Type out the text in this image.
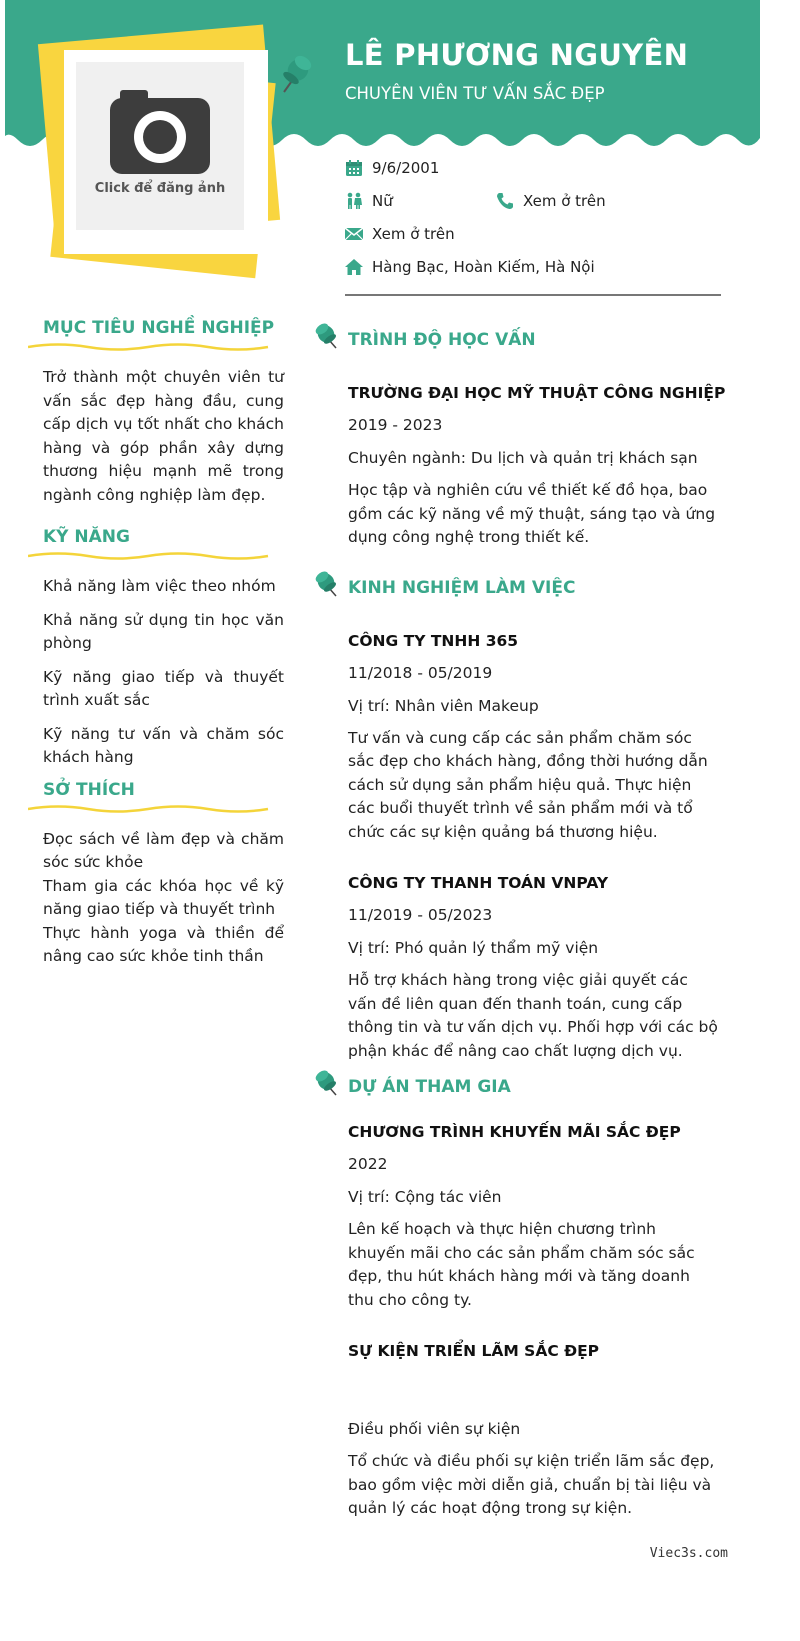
Click để đăng ảnh
LÊ PHƯƠNG NGUYÊN
CHUYÊN VIÊN TƯ VẤN SẮC ĐẸP
9/6/2001
Nữ	Xem ở trên
Xem ở trên
Hàng Bạc, Hoàn Kiếm, Hà Nội
MỤC TIÊU NGHỀ NGHIỆP
Trở thành một chuyên viên tư vấn sắc đẹp hàng đầu, cung cấp dịch vụ tốt nhất cho khách hàng và góp phần xây dựng thương hiệu mạnh mẽ trong ngành công nghiệp làm đẹp.
KỸ NĂNG
Khả năng làm việc theo nhóm
Khả năng sử dụng tin học văn phòng
Kỹ năng giao tiếp và thuyết trình xuất sắc
Kỹ năng tư vấn và chăm sóc khách hàng
SỞ THÍCH
Đọc sách về làm đẹp và chăm sóc sức khỏe
Tham gia các khóa học về kỹ năng giao tiếp và thuyết trình
Thực hành yoga và thiền để nâng cao sức khỏe tinh thần
TRÌNH ĐỘ HỌC VẤN
TRƯỜNG ĐẠI HỌC MỸ THUẬT CÔNG NGHIỆP
2019 - 2023
Chuyên ngành: Du lịch và quản trị khách sạn
Học tập và nghiên cứu về thiết kế đồ họa, bao gồm các kỹ năng về mỹ thuật, sáng tạo và ứng dụng công nghệ trong thiết kế.
KINH NGHIỆM LÀM VIỆC
CÔNG TY TNHH 365
11/2018 - 05/2019
Vị trí: Nhân viên Makeup
Tư vấn và cung cấp các sản phẩm chăm sóc sắc đẹp cho khách hàng, đồng thời hướng dẫn cách sử dụng sản phẩm hiệu quả. Thực hiện các buổi thuyết trình về sản phẩm mới và tổ chức các sự kiện quảng bá thương hiệu.
CÔNG TY THANH TOÁN VNPAY
11/2019 - 05/2023
Vị trí: Phó quản lý thẩm mỹ viện
Hỗ trợ khách hàng trong việc giải quyết các vấn đề liên quan đến thanh toán, cung cấp thông tin và tư vấn dịch vụ. Phối hợp với các bộ phận khác để nâng cao chất lượng dịch vụ.
DỰ ÁN THAM GIA
CHƯƠNG TRÌNH KHUYẾN MÃI SẮC ĐẸP
2022
Vị trí: Cộng tác viên
Lên kế hoạch và thực hiện chương trình khuyến mãi cho các sản phẩm chăm sóc sắc đẹp, thu hút khách hàng mới và tăng doanh thu cho công ty.
SỰ KIỆN TRIỂN LÃM SẮC ĐẸP
Điều phối viên sự kiện
Tổ chức và điều phối sự kiện triển lãm sắc đẹp, bao gồm việc mời diễn giả, chuẩn bị tài liệu và quản lý các hoạt động trong sự kiện.
Viec3s.com
